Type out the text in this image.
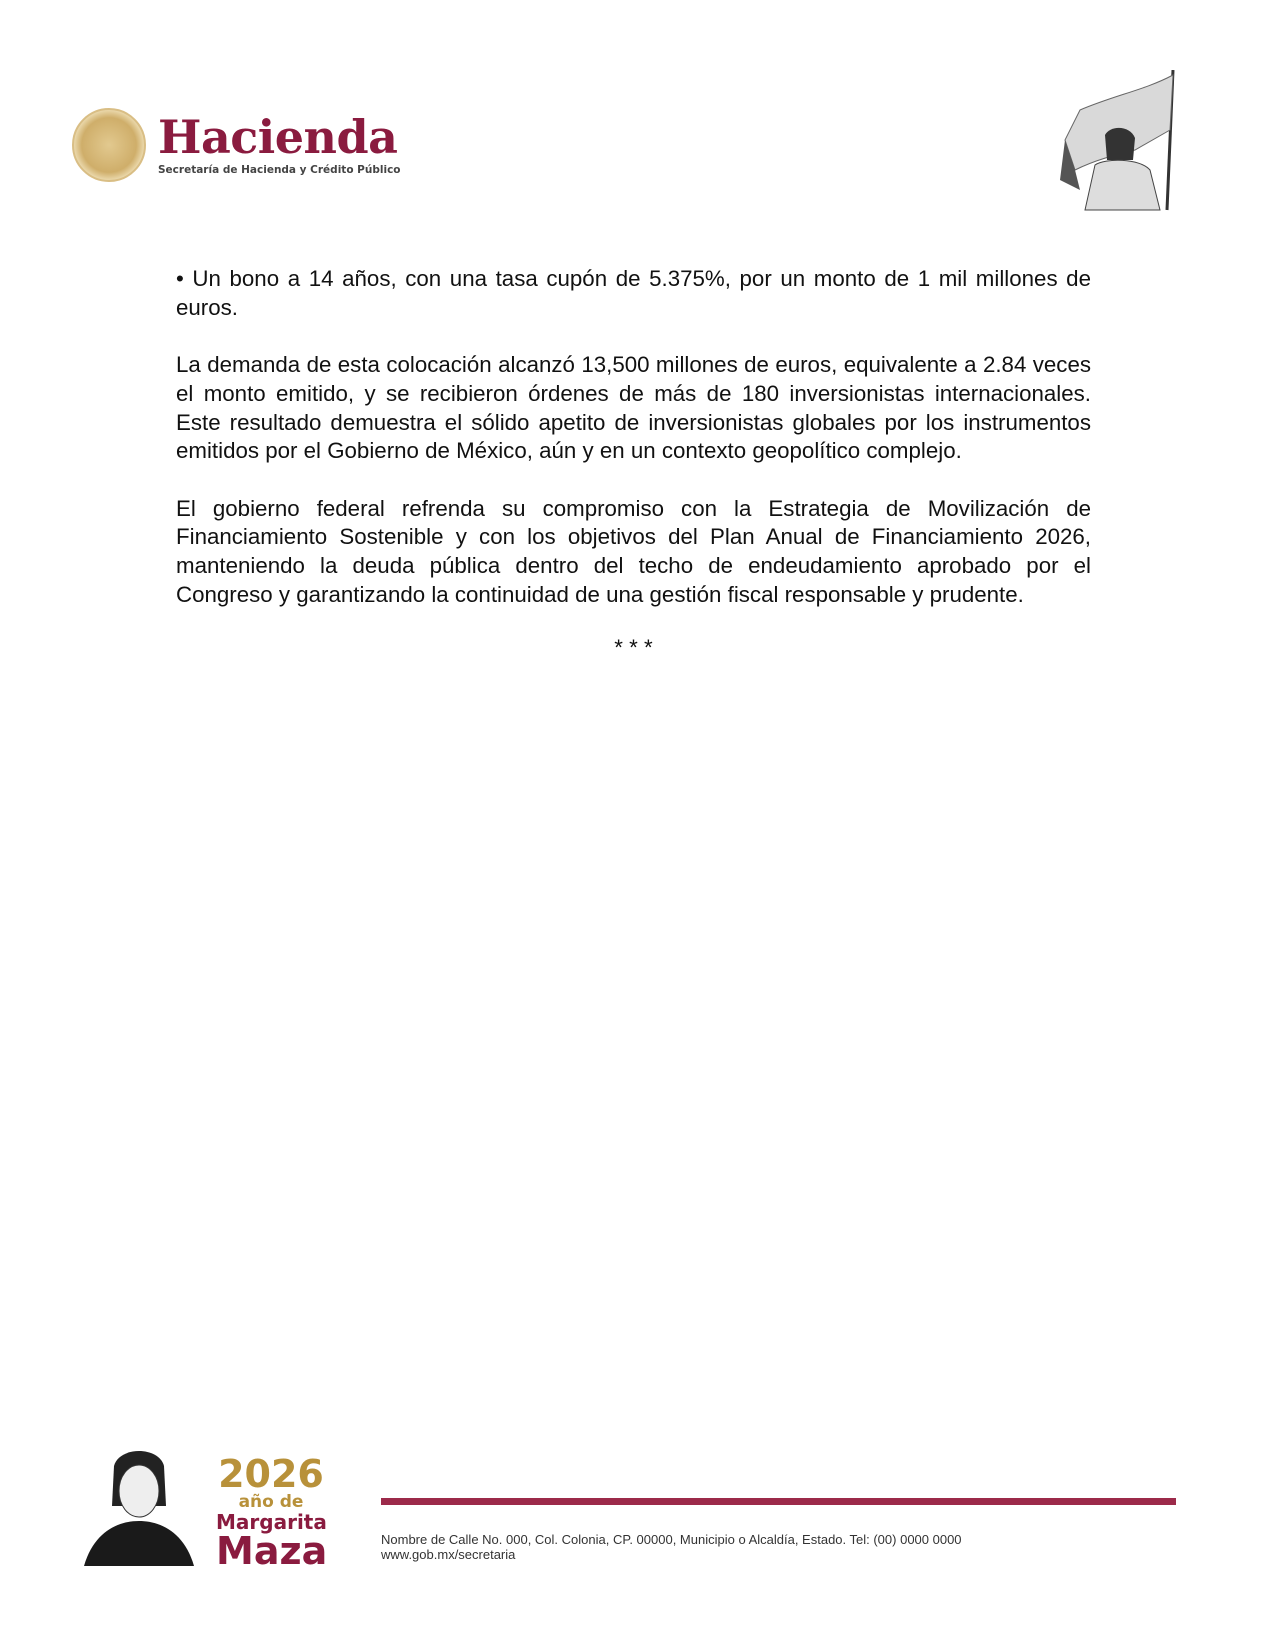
Hacienda
Secretaría de Hacienda y Crédito Público

• Un bono a 14 años, con una tasa cupón de 5.375%, por un monto de 1 mil millones de euros.

La demanda de esta colocación alcanzó 13,500 millones de euros, equivalente a 2.84 veces el monto emitido, y se recibieron órdenes de más de 180 inversionistas internacionales. Este resultado demuestra el sólido apetito de inversionistas globales por los instrumentos emitidos por el Gobierno de México, aún y en un contexto geopolítico complejo.

El gobierno federal refrenda su compromiso con la Estrategia de Movilización de Financiamiento Sostenible y con los objetivos del Plan Anual de Financiamiento 2026, manteniendo la deuda pública dentro del techo de endeudamiento aprobado por el Congreso y garantizando la continuidad de una gestión fiscal responsable y prudente.

* * *
2026
año de
Margarita
Maza	Nombre de Calle No. 000, Col. Colonia, CP. 00000, Municipio o Alcaldía, Estado. Tel: (00) 0000 0000
www.gob.mx/secretaria
